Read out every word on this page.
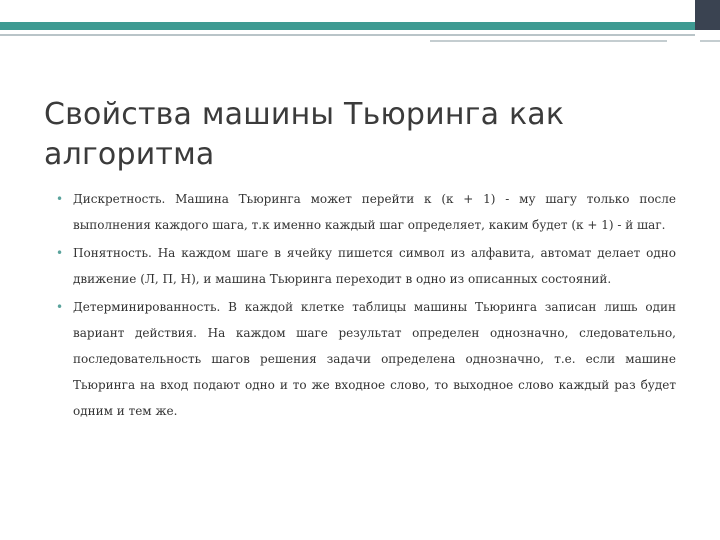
Свойства машины Тьюринга как алгоритма
• Дискретность. Машина Тьюринга может перейти к (к + 1) - му шагу только после выполнения каждого шага, т.к именно каждый шаг определяет, каким будет (к + 1) - й шаг.
• Понятность. На каждом шаге в ячейку пишется символ из алфавита, автомат делает одно движение (Л, П, Н), и машина Тьюринга переходит в одно из описанных состояний.
• Детерминированность. В каждой клетке таблицы машины Тьюринга записан лишь один вариант действия. На каждом шаге результат определен однозначно, следовательно, последовательность шагов решения задачи определена однозначно, т.е. если машине Тьюринга на вход подают одно и то же входное слово, то выходное слово каждый раз будет одним и тем же.
